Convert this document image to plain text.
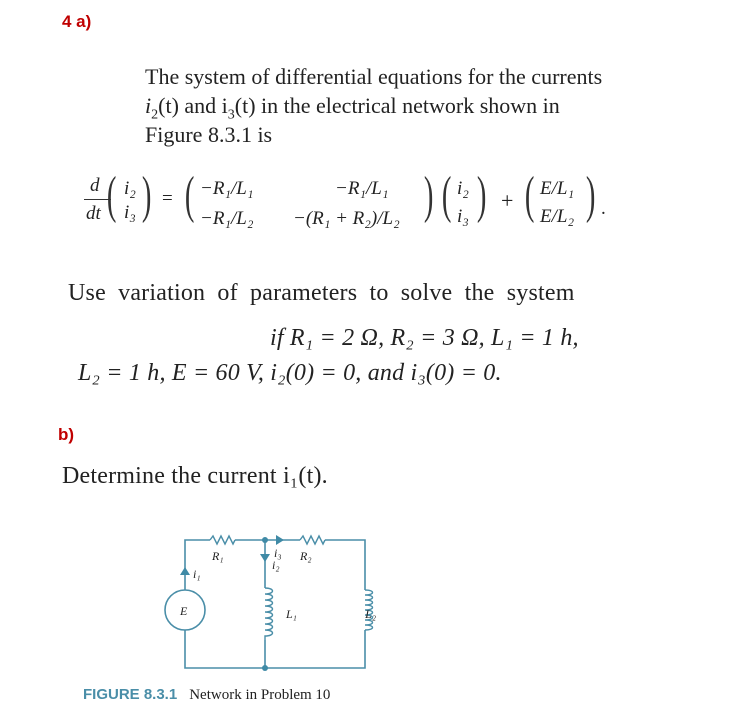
4 a)
The system of differential equations for the currents
$i_2(t)$ and $i_3(t)$ in the electrical network shown in
Figure 8.3.1 is
d
dt ( i₂
i₃ ) = ( −R₁/L₁	−R₁/L₁
−R₁/L₂ −(R₁ + R₂)/L₂ ) ( i₂
i₃ ) + ( E/L₁
E/L₂ ) .
Use variation of parameters to solve the system
if R₁ = 2 Ω, R₂ = 3 Ω, L₁ = 1 h,
L₂ = 1 h, E = 60 V, i₂(0) = 0, and i₃(0) = 0.
b)
Determine the current i₁(t).
R₁	R₂
i₃
i₂
i₁
E	L₁	L₂
FIGURE 8.3.1 Network in Problem 10
